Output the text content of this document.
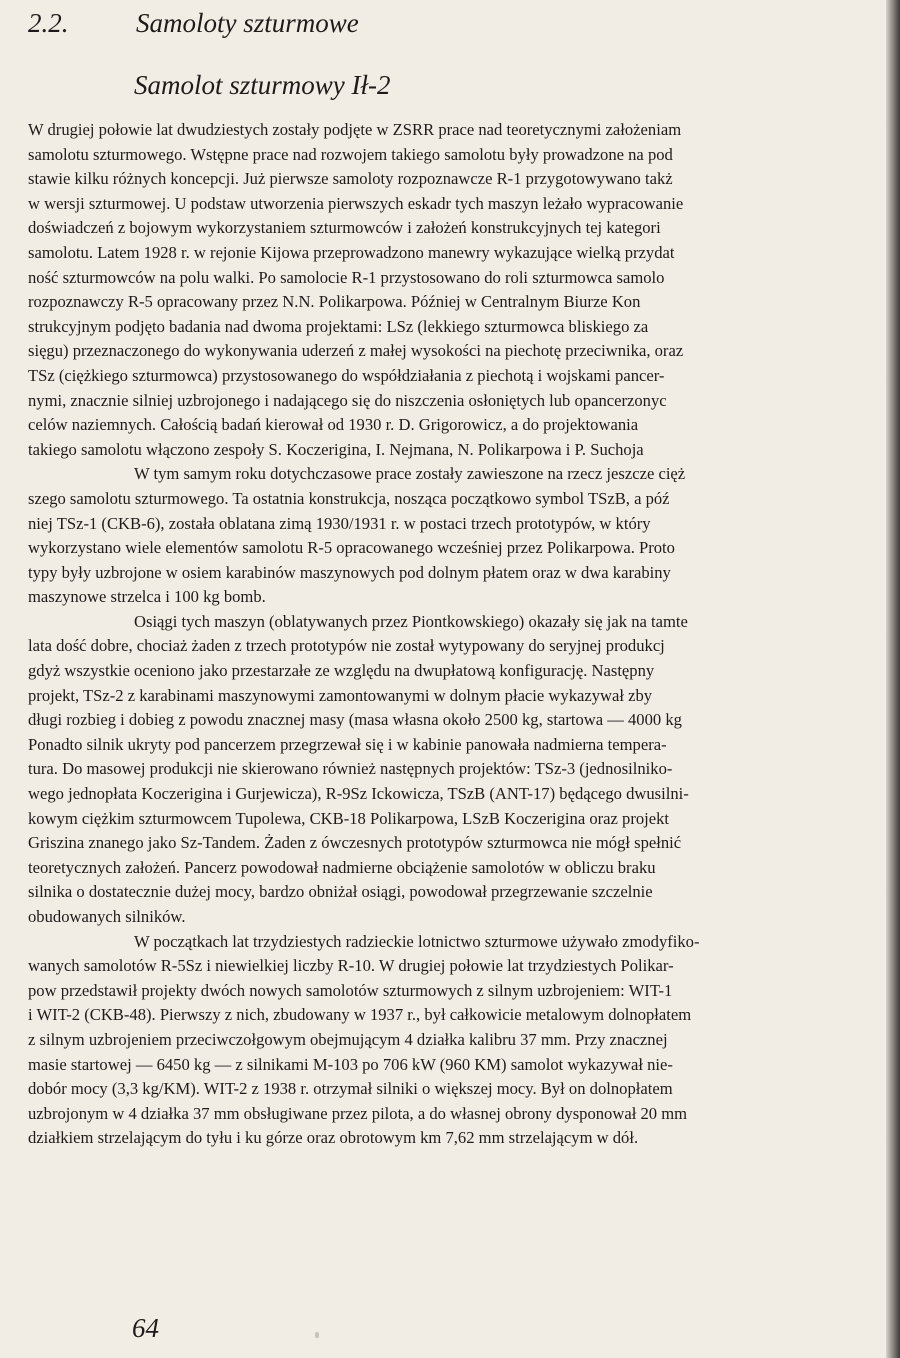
2.2.	Samoloty szturmowe
Samolot szturmowy Ił-2
W drugiej połowie lat dwudziestych zostały podjęte w ZSRR prace nad teoretycznymi założeniam
samolotu szturmowego. Wstępne prace nad rozwojem takiego samolotu były prowadzone na pod
stawie kilku różnych koncepcji. Już pierwsze samoloty rozpoznawcze R-1 przygotowywano takż
w wersji szturmowej. U podstaw utworzenia pierwszych eskadr tych maszyn leżało wypracowanie
doświadczeń z bojowym wykorzystaniem szturmowców i założeń konstrukcyjnych tej kategori
samolotu. Latem 1928 r. w rejonie Kijowa przeprowadzono manewry wykazujące wielką przydat
ność szturmowców na polu walki. Po samolocie R-1 przystosowano do roli szturmowca samolo
rozpoznawczy R-5 opracowany przez N.N. Polikarpowa. Później w Centralnym Biurze Kon
strukcyjnym podjęto badania nad dwoma projektami: LSz (lekkiego szturmowca bliskiego za
sięgu) przeznaczonego do wykonywania uderzeń z małej wysokości na piechotę przeciwnika, oraz
TSz (ciężkiego szturmowca) przystosowanego do współdziałania z piechotą i wojskami pancer-
nymi, znacznie silniej uzbrojonego i nadającego się do niszczenia osłoniętych lub opancerzonyc
celów naziemnych. Całością badań kierował od 1930 r. D. Grigorowicz, a do projektowania
takiego samolotu włączono zespoły S. Koczerigina, I. Nejmana, N. Polikarpowa i P. Suchoja
W tym samym roku dotychczasowe prace zostały zawieszone na rzecz jeszcze cięż
szego samolotu szturmowego. Ta ostatnia konstrukcja, nosząca początkowo symbol TSzB, a póź
niej TSz-1 (CKB-6), została oblatana zimą 1930/1931 r. w postaci trzech prototypów, w który
wykorzystano wiele elementów samolotu R-5 opracowanego wcześniej przez Polikarpowa. Proto
typy były uzbrojone w osiem karabinów maszynowych pod dolnym płatem oraz w dwa karabiny
maszynowe strzelca i 100 kg bomb.
Osiągi tych maszyn (oblatywanych przez Piontkowskiego) okazały się jak na tamte
lata dość dobre, chociaż żaden z trzech prototypów nie został wytypowany do seryjnej produkcj
gdyż wszystkie oceniono jako przestarzałe ze względu na dwupłatową konfigurację. Następny
projekt, TSz-2 z karabinami maszynowymi zamontowanymi w dolnym płacie wykazywał zby
długi rozbieg i dobieg z powodu znacznej masy (masa własna około 2500 kg, startowa — 4000 kg
Ponadto silnik ukryty pod pancerzem przegrzewał się i w kabinie panowała nadmierna tempera-
tura. Do masowej produkcji nie skierowano również następnych projektów: TSz-3 (jednosilniko-
wego jednopłata Koczerigina i Gurjewicza), R-9Sz Ickowicza, TSzB (ANT-17) będącego dwusilni-
kowym ciężkim szturmowcem Tupolewa, CKB-18 Polikarpowa, LSzB Koczerigina oraz projekt
Griszina znanego jako Sz-Tandem. Żaden z ówczesnych prototypów szturmowca nie mógł spełnić
teoretycznych założeń. Pancerz powodował nadmierne obciążenie samolotów w obliczu braku
silnika o dostatecznie dużej mocy, bardzo obniżał osiągi, powodował przegrzewanie szczelnie
obudowanych silników.
W początkach lat trzydziestych radzieckie lotnictwo szturmowe używało zmodyfiko-
wanych samolotów R-5Sz i niewielkiej liczby R-10. W drugiej połowie lat trzydziestych Polikar-
pow przedstawił projekty dwóch nowych samolotów szturmowych z silnym uzbrojeniem: WIT-1
i WIT-2 (CKB-48). Pierwszy z nich, zbudowany w 1937 r., był całkowicie metalowym dolnopłatem
z silnym uzbrojeniem przeciwczołgowym obejmującym 4 działka kalibru 37 mm. Przy znacznej
masie startowej — 6450 kg — z silnikami M-103 po 706 kW (960 KM) samolot wykazywał nie-
dobór mocy (3,3 kg/KM). WIT-2 z 1938 r. otrzymał silniki o większej mocy. Był on dolnopłatem
uzbrojonym w 4 działka 37 mm obsługiwane przez pilota, a do własnej obrony dysponował 20 mm
działkiem strzelającym do tyłu i ku górze oraz obrotowym km 7,62 mm strzelającym w dół.
64
